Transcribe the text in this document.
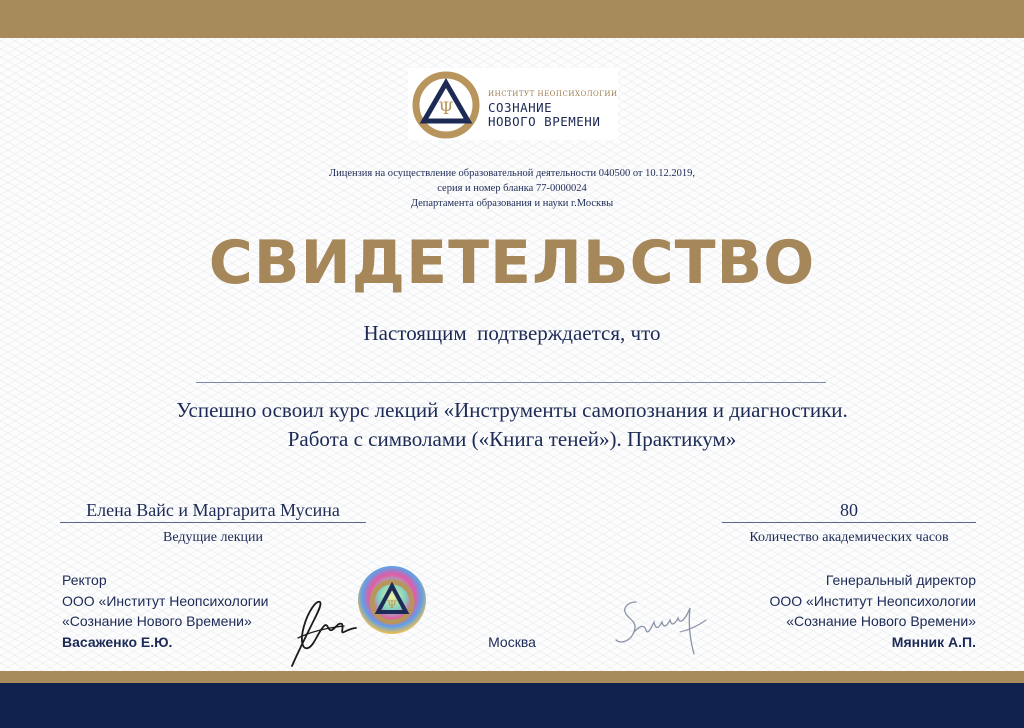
Ψ
ИНСТИТУТ НЕОПСИХОЛОГИИ
СОЗНАНИЕ
НОВОГО ВРЕМЕНИ
Лицензия на осуществление образовательной деятельности 040500 от 10.12.2019,
серия и номер бланка 77-0000024
Департамента образования и науки г.Москвы
СВИДЕТЕЛЬСТВО
Настоящим  подтверждается, что
Успешно освоил курс лекций «Инструменты самопознания и диагностики.
Работа с символами («Книга теней»). Практикум»
Елена Вайс и Маргарита Мусина
Ведущие лекции
80
Количество академических часов
Ректор
ООО «Институт Неопсихологии
«Сознание Нового Времени»
Васаженко Е.Ю.
Ψ
Москва
Генеральный директор
ООО «Институт Неопсихологии
«Сознание Нового Времени»
Мянник А.П.
